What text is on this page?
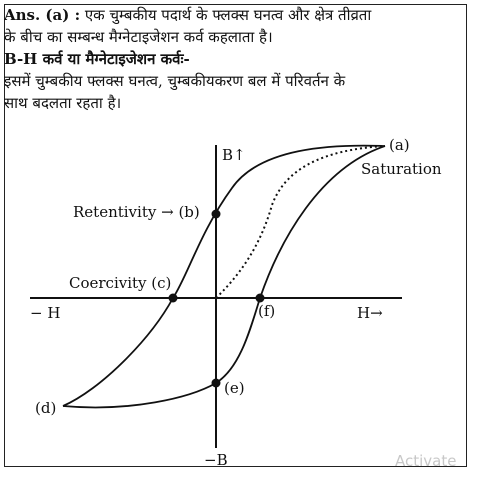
Ans. (a) : एक चुम्बकीय पदार्थ के फ्लक्स घनत्व और क्षेत्र तीव्रता
के बीच का सम्बन्ध मैग्नेटाइजेशन कर्व कहलाता है।
B-H कर्व या मैग्नेटाइजेशन कर्वः-
इसमें चुम्बकीय फ्लक्स घनत्व, चुम्बकीयकरण बल में परिवर्तन के
साथ बदलता रहता है।
B↑
−B
− H	H→
(a)
Saturation
Retentivity → (b)
Coercivity (c)
(d)
(e)
(f)
Activate
